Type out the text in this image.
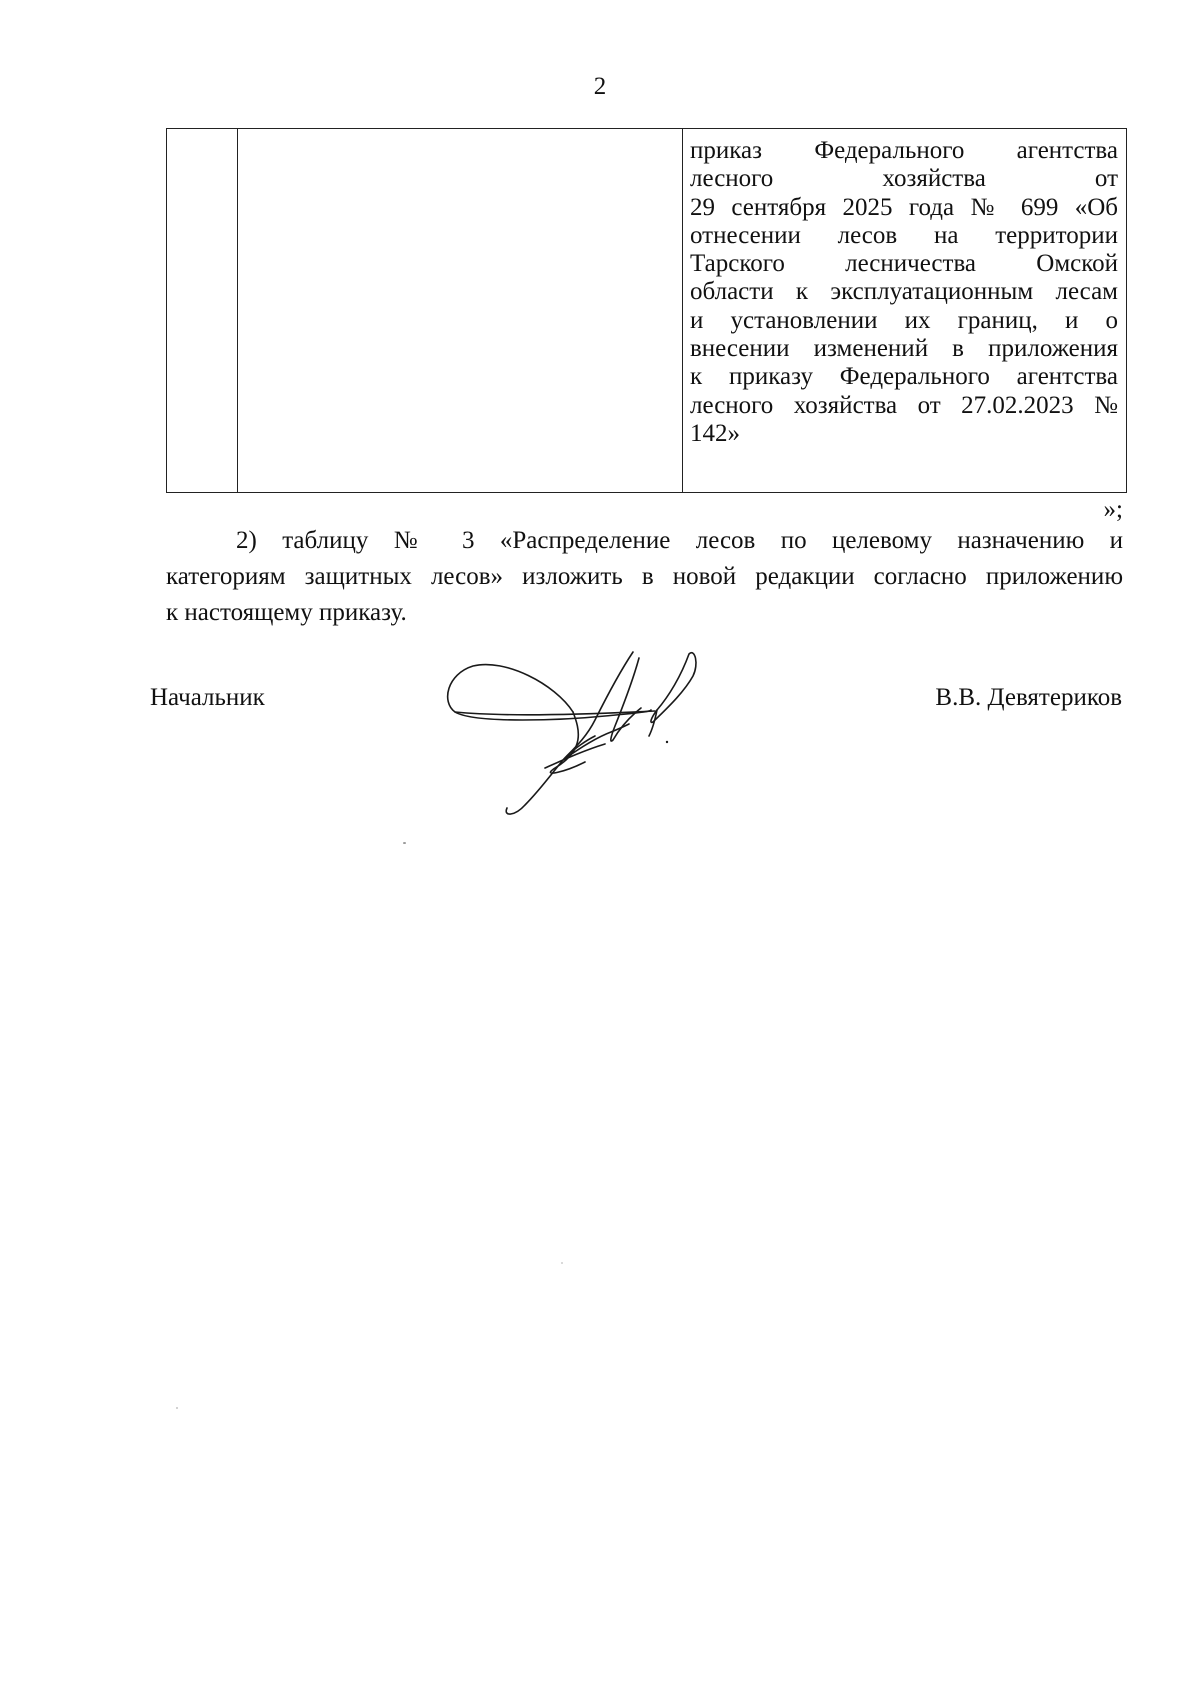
2

приказ Федерального агентства
лесного хозяйства от
29 сентября 2025 года № 699 «Об
отнесении лесов на территории
Тарского лесничества Омской
области к эксплуатационным лесам
и установлении их границ, и о
внесении изменений в приложения
к приказу Федерального агентства
лесного хозяйства от 27.02.2023 №
142»
»;
2) таблицу № 3 «Распределение лесов по целевому назначению и
категориям защитных лесов» изложить в новой редакции согласно приложению
к настоящему приказу.
Начальник	В.В. Девятериков
